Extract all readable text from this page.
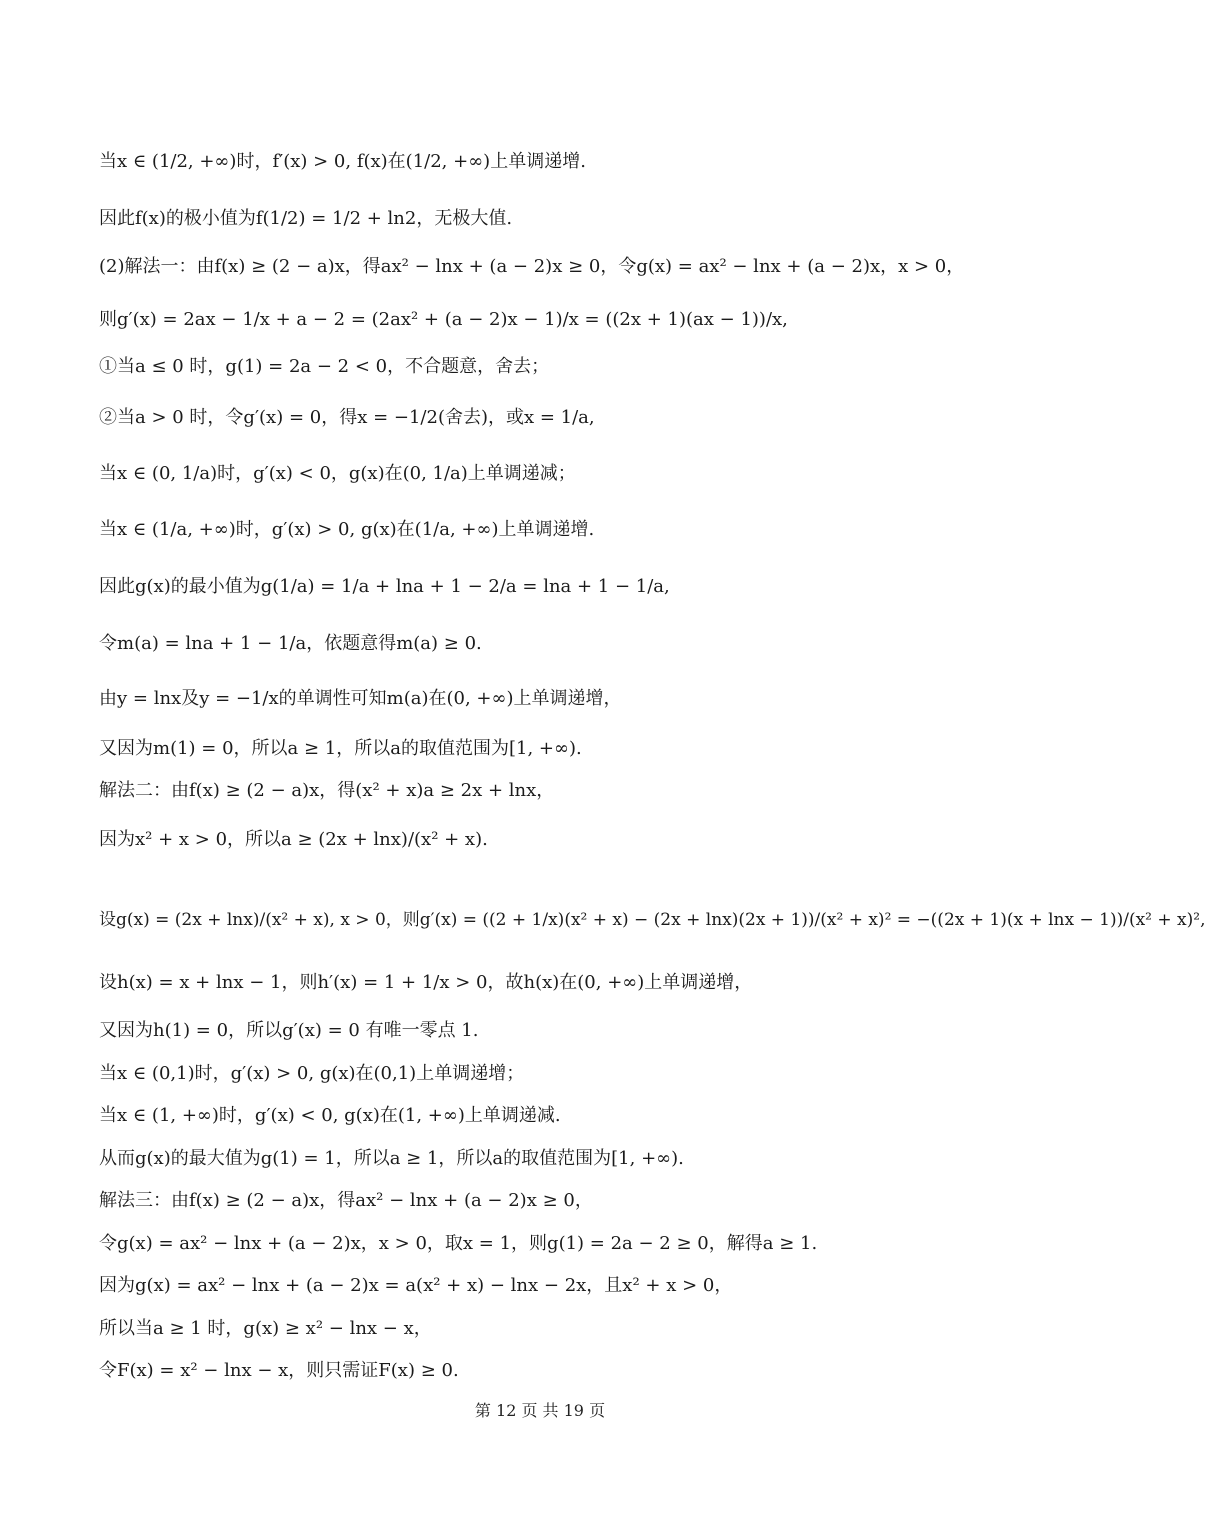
当x ∈ (1/2, +∞)时，f′(x) > 0, f(x)在(1/2, +∞)上单调递增.
因此f(x)的极小值为f(1/2) = 1/2 + ln2，无极大值.
(2)解法一：由f(x) ≥ (2 − a)x，得ax² − lnx + (a − 2)x ≥ 0，令g(x) = ax² − lnx + (a − 2)x，x > 0，
则g′(x) = 2ax − 1/x + a − 2 = (2ax² + (a − 2)x − 1)/x = ((2x + 1)(ax − 1))/x,
①当a ≤ 0 时，g(1) = 2a − 2 < 0，不合题意，舍去；
②当a > 0 时，令g′(x) = 0，得x = −1/2(舍去)，或x = 1/a,
当x ∈ (0, 1/a)时，g′(x) < 0，g(x)在(0, 1/a)上单调递减；
当x ∈ (1/a, +∞)时，g′(x) > 0, g(x)在(1/a, +∞)上单调递增.
因此g(x)的最小值为g(1/a) = 1/a + lna + 1 − 2/a = lna + 1 − 1/a,
令m(a) = lna + 1 − 1/a，依题意得m(a) ≥ 0.
由y = lnx及y = −1/x的单调性可知m(a)在(0, +∞)上单调递增，
又因为m(1) = 0，所以a ≥ 1，所以a的取值范围为[1, +∞).
解法二：由f(x) ≥ (2 − a)x，得(x² + x)a ≥ 2x + lnx，
因为x² + x > 0，所以a ≥ (2x + lnx)/(x² + x).
设g(x) = (2x + lnx)/(x² + x), x > 0，则g′(x) = ((2 + 1/x)(x² + x) − (2x + lnx)(2x + 1))/(x² + x)² = −((2x + 1)(x + lnx − 1))/(x² + x)²,
设h(x) = x + lnx − 1，则h′(x) = 1 + 1/x > 0，故h(x)在(0, +∞)上单调递增，
又因为h(1) = 0，所以g′(x) = 0 有唯一零点 1.
当x ∈ (0,1)时，g′(x) > 0, g(x)在(0,1)上单调递增；
当x ∈ (1, +∞)时，g′(x) < 0, g(x)在(1, +∞)上单调递减.
从而g(x)的最大值为g(1) = 1，所以a ≥ 1，所以a的取值范围为[1, +∞).
解法三：由f(x) ≥ (2 − a)x，得ax² − lnx + (a − 2)x ≥ 0，
令g(x) = ax² − lnx + (a − 2)x，x > 0，取x = 1，则g(1) = 2a − 2 ≥ 0，解得a ≥ 1.
因为g(x) = ax² − lnx + (a − 2)x = a(x² + x) − lnx − 2x，且x² + x > 0，
所以当a ≥ 1 时，g(x) ≥ x² − lnx − x，
令F(x) = x² − lnx − x，则只需证F(x) ≥ 0.
第 12 页 共 19 页
